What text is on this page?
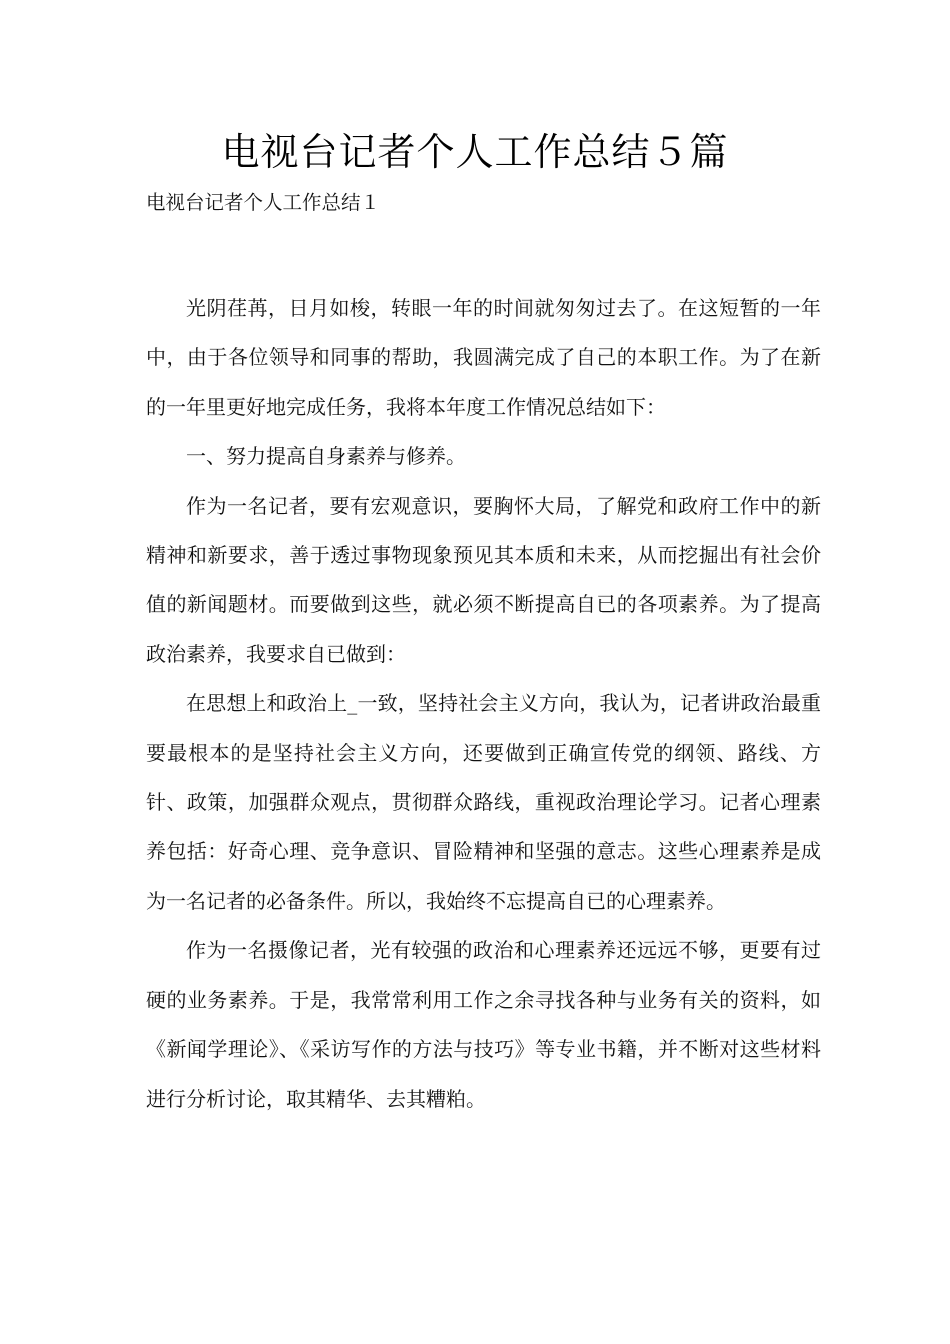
电视台记者个人工作总结５篇
电视台记者个人工作总结１

光阴荏苒，日月如梭，转眼一年的时间就匆匆过去了。在这短暂的一年中，由于各位领导和同事的帮助，我圆满完成了自己的本职工作。为了在新的一年里更好地完成任务，我将本年度工作情况总结如下：

一、努力提高自身素养与修养。

作为一名记者，要有宏观意识，要胸怀大局，了解党和政府工作中的新精神和新要求，善于透过事物现象预见其本质和未来，从而挖掘出有社会价值的新闻题材。而要做到这些，就必须不断提高自已的各项素养。为了提高政治素养，我要求自已做到：

在思想上和政治上_一致，坚持社会主义方向，我认为，记者讲政治最重要最根本的是坚持社会主义方向，还要做到正确宣传党的纲领、路线、方针、政策，加强群众观点，贯彻群众路线，重视政治理论学习。记者心理素养包括：好奇心理、竞争意识、冒险精神和坚强的意志。这些心理素养是成为一名记者的必备条件。所以，我始终不忘提高自已的心理素养。

作为一名摄像记者，光有较强的政治和心理素养还远远不够，更要有过硬的业务素养。于是，我常常利用工作之余寻找各种与业务有关的资料，如《新闻学理论》、《采访写作的方法与技巧》等专业书籍，并不断对这些材料进行分析讨论，取其精华、去其糟粕。
